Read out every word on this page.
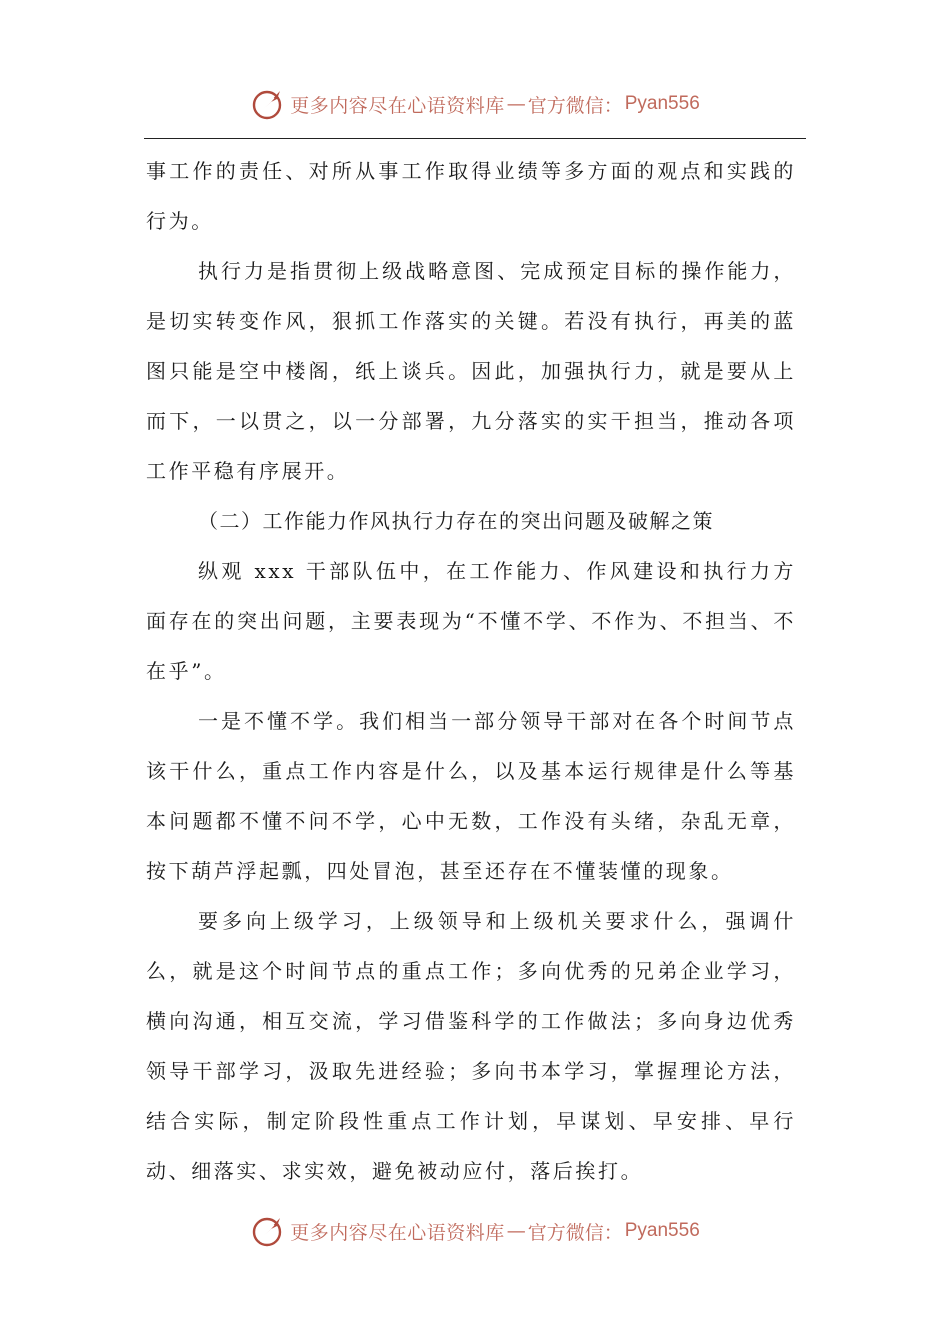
更多内容尽在心语资料库 — 官方微信： Pyan556

事工作的责任、对所从事工作取得业绩等多方面的观点和实践的行为。

执行力是指贯彻上级战略意图、完成预定目标的操作能力，是切实转变作风，狠抓工作落实的关键。若没有执行，再美的蓝图只能是空中楼阁，纸上谈兵。因此，加强执行力，就是要从上而下，一以贯之，以一分部署，九分落实的实干担当，推动各项工作平稳有序展开。

（二）工作能力作风执行力存在的突出问题及破解之策

纵观 xxx 干部队伍中，在工作能力、作风建设和执行力方面存在的突出问题，主要表现为“不懂不学、不作为、不担当、不在乎”。

一是不懂不学。我们相当一部分领导干部对在各个时间节点该干什么，重点工作内容是什么，以及基本运行规律是什么等基本问题都不懂不问不学，心中无数，工作没有头绪，杂乱无章，按下葫芦浮起瓢，四处冒泡，甚至还存在不懂装懂的现象。

要多向上级学习，上级领导和上级机关要求什么，强调什么，就是这个时间节点的重点工作；多向优秀的兄弟企业学习，横向沟通，相互交流，学习借鉴科学的工作做法；多向身边优秀领导干部学习，汲取先进经验；多向书本学习，掌握理论方法，结合实际，制定阶段性重点工作计划，早谋划、早安排、早行动、细落实、求实效，避免被动应付，落后挨打。

更多内容尽在心语资料库 — 官方微信： Pyan556
